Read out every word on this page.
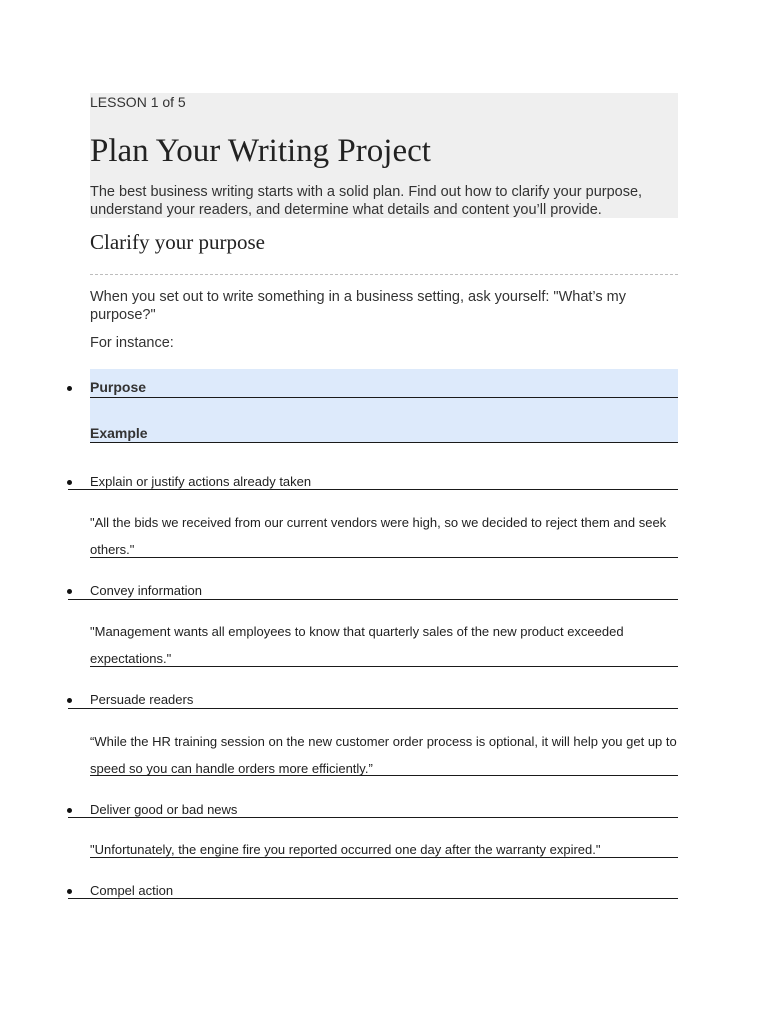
LESSON 1 of 5
Plan Your Writing Project
The best business writing starts with a solid plan. Find out how to clarify your purpose, understand your readers, and determine what details and content you’ll provide.
Clarify your purpose
When you set out to write something in a business setting, ask yourself: "What’s my purpose?"
For instance:
Purpose
Example
Explain or justify actions already taken
"All the bids we received from our current vendors were high, so we decided to reject them and seek others."
Convey information
"Management wants all employees to know that quarterly sales of the new product exceeded expectations."
Persuade readers
“While the HR training session on the new customer order process is optional, it will help you get up to speed so you can handle orders more efficiently.”
Deliver good or bad news
"Unfortunately, the engine fire you reported occurred one day after the warranty expired."
Compel action
